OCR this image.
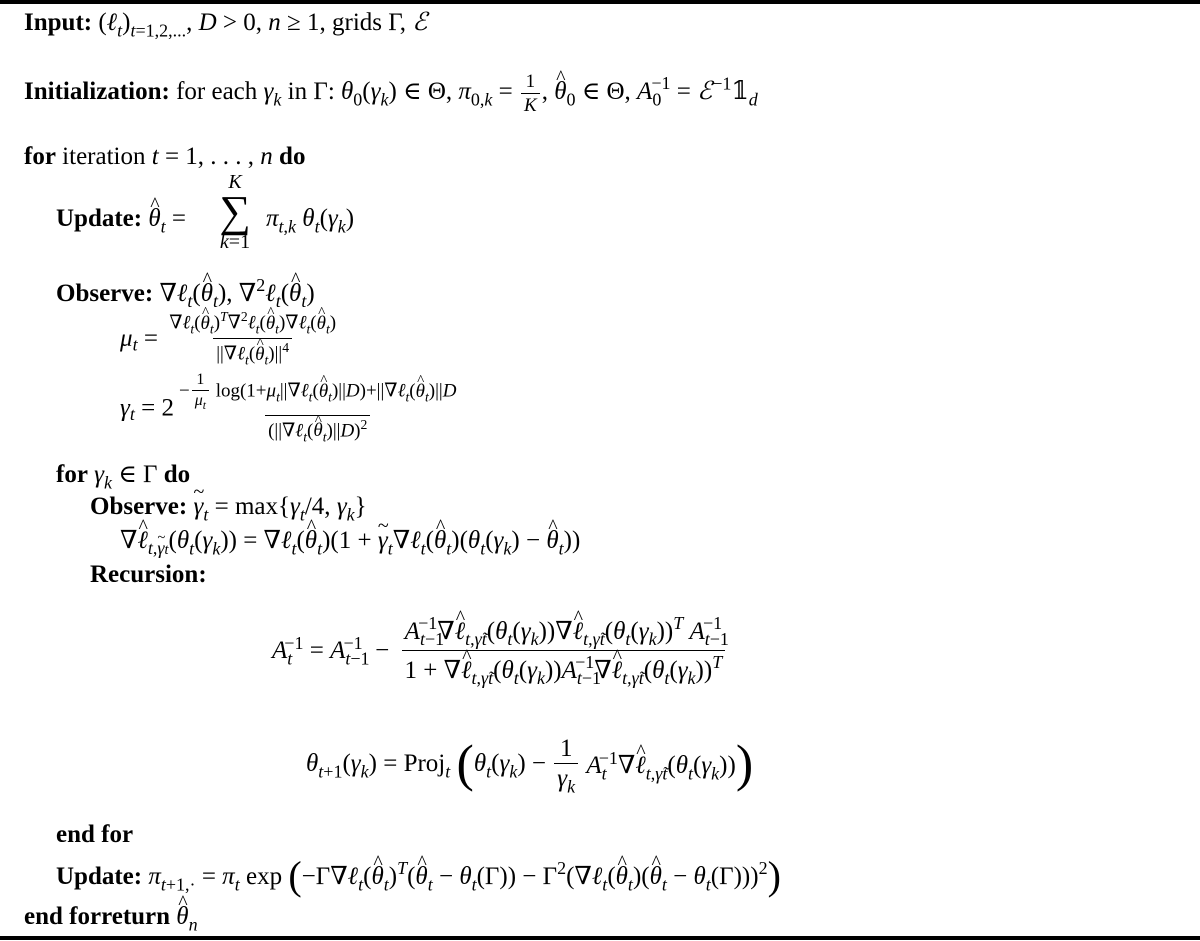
Input: $(\ell_t)_{t=1,2,...}$, D > 0, n ≥ 1, grids Γ, ℰ
Initialization: for each $\gamma_k$ in Γ: $\theta_0(\gamma_k)$ ∈ Θ, $\pi_{0,k} = \frac{1}{K}$ , ^ $\theta_0$ ∈ Θ, $A_0^{-1}$ = $ℰ^{-1}𝟙_d$
for iteration t = 1, . . . , n do
Update: ^ $\theta_t$ =
K
∑
k=1
$\pi_{t,k}$ $\theta_t(\gamma_k)$
Observe: ∇ℓ$_t$(^ $\theta_t$), ∇$^2$ℓ$_t$(^ $\theta_t$)
$\mu_t = \frac{\nabla\ell_t(\^{} \theta_t)^T\nabla^2\ell_t(\^{} \theta_t)\nabla\ell_t(\^{} \theta_t)}{||\nabla\ell_t(\^{} \theta_t)||^4}$
$\gamma_t = 2 \frac{- \frac{1}{\mu_t} \log(1+\mu_t||\nabla\ell_t(\^{} \theta_t)||D)+||\nabla\ell_t(\^{} \theta_t)||D}{(||\nabla\ell_t(\^{} \theta_t)||D)^2}$
for $\gamma_k$ ∈ Γ do
Observe: ~ $\gamma_t = \max\{\gamma_t/4$, $\gamma_k$}
∇^ $\ell_{t,\sim \gamma t}(\theta_t(\gamma_k))$ = ∇ℓ$_t$(^ $\theta_t)(1$ + ~ $\gamma_t\nabla\ell_t(\^{}$ $\theta_t)(\theta_t(\gamma_k)$ − ^ $\theta_t$))
Recursion:
$A_t^{-1} = A_{t-1}^{-1} - \frac{A_{t-1}^{-1}\nabla\^{} \ell_{t,\gammãt}(\theta_t(\gamma_k))\nabla\^{} \ell_{t,\gammãt}(\theta_t(\gamma_k))^T A_{t-1}^{-1}}{1 + \nabla\^{} \ell_{t,\gammãt}(\theta_t(\gamma_k))A_{t-1}^{-1}\nabla\^{} \ell_{t,\gammãt}(\theta_t(\gamma_k))^T}$
$\theta_{t+1}(\gamma_k)$ = Proj$_t$ ($\theta_t(\gamma_k) - \frac{1}{\gamma_k}$ $A_t^{-1}\nabla\^{}$ $\ell_{t,\gammãt}(\theta_t(\gamma_k))$)
end for
Update: $\pi_{t+1,\cdot} = \pi_t$ exp (−Γ∇ℓ$_t$(^ $\theta_t)^T(\^{}$ $\theta_t - \theta_t(\Gamma)$) − $\Gamma^2(\nabla\ell_t(\^{}$ $\theta_t)(\^{}$ $\theta_t - \theta_t(\Gamma)))^2$)
end forreturn ^ $\theta_n$
